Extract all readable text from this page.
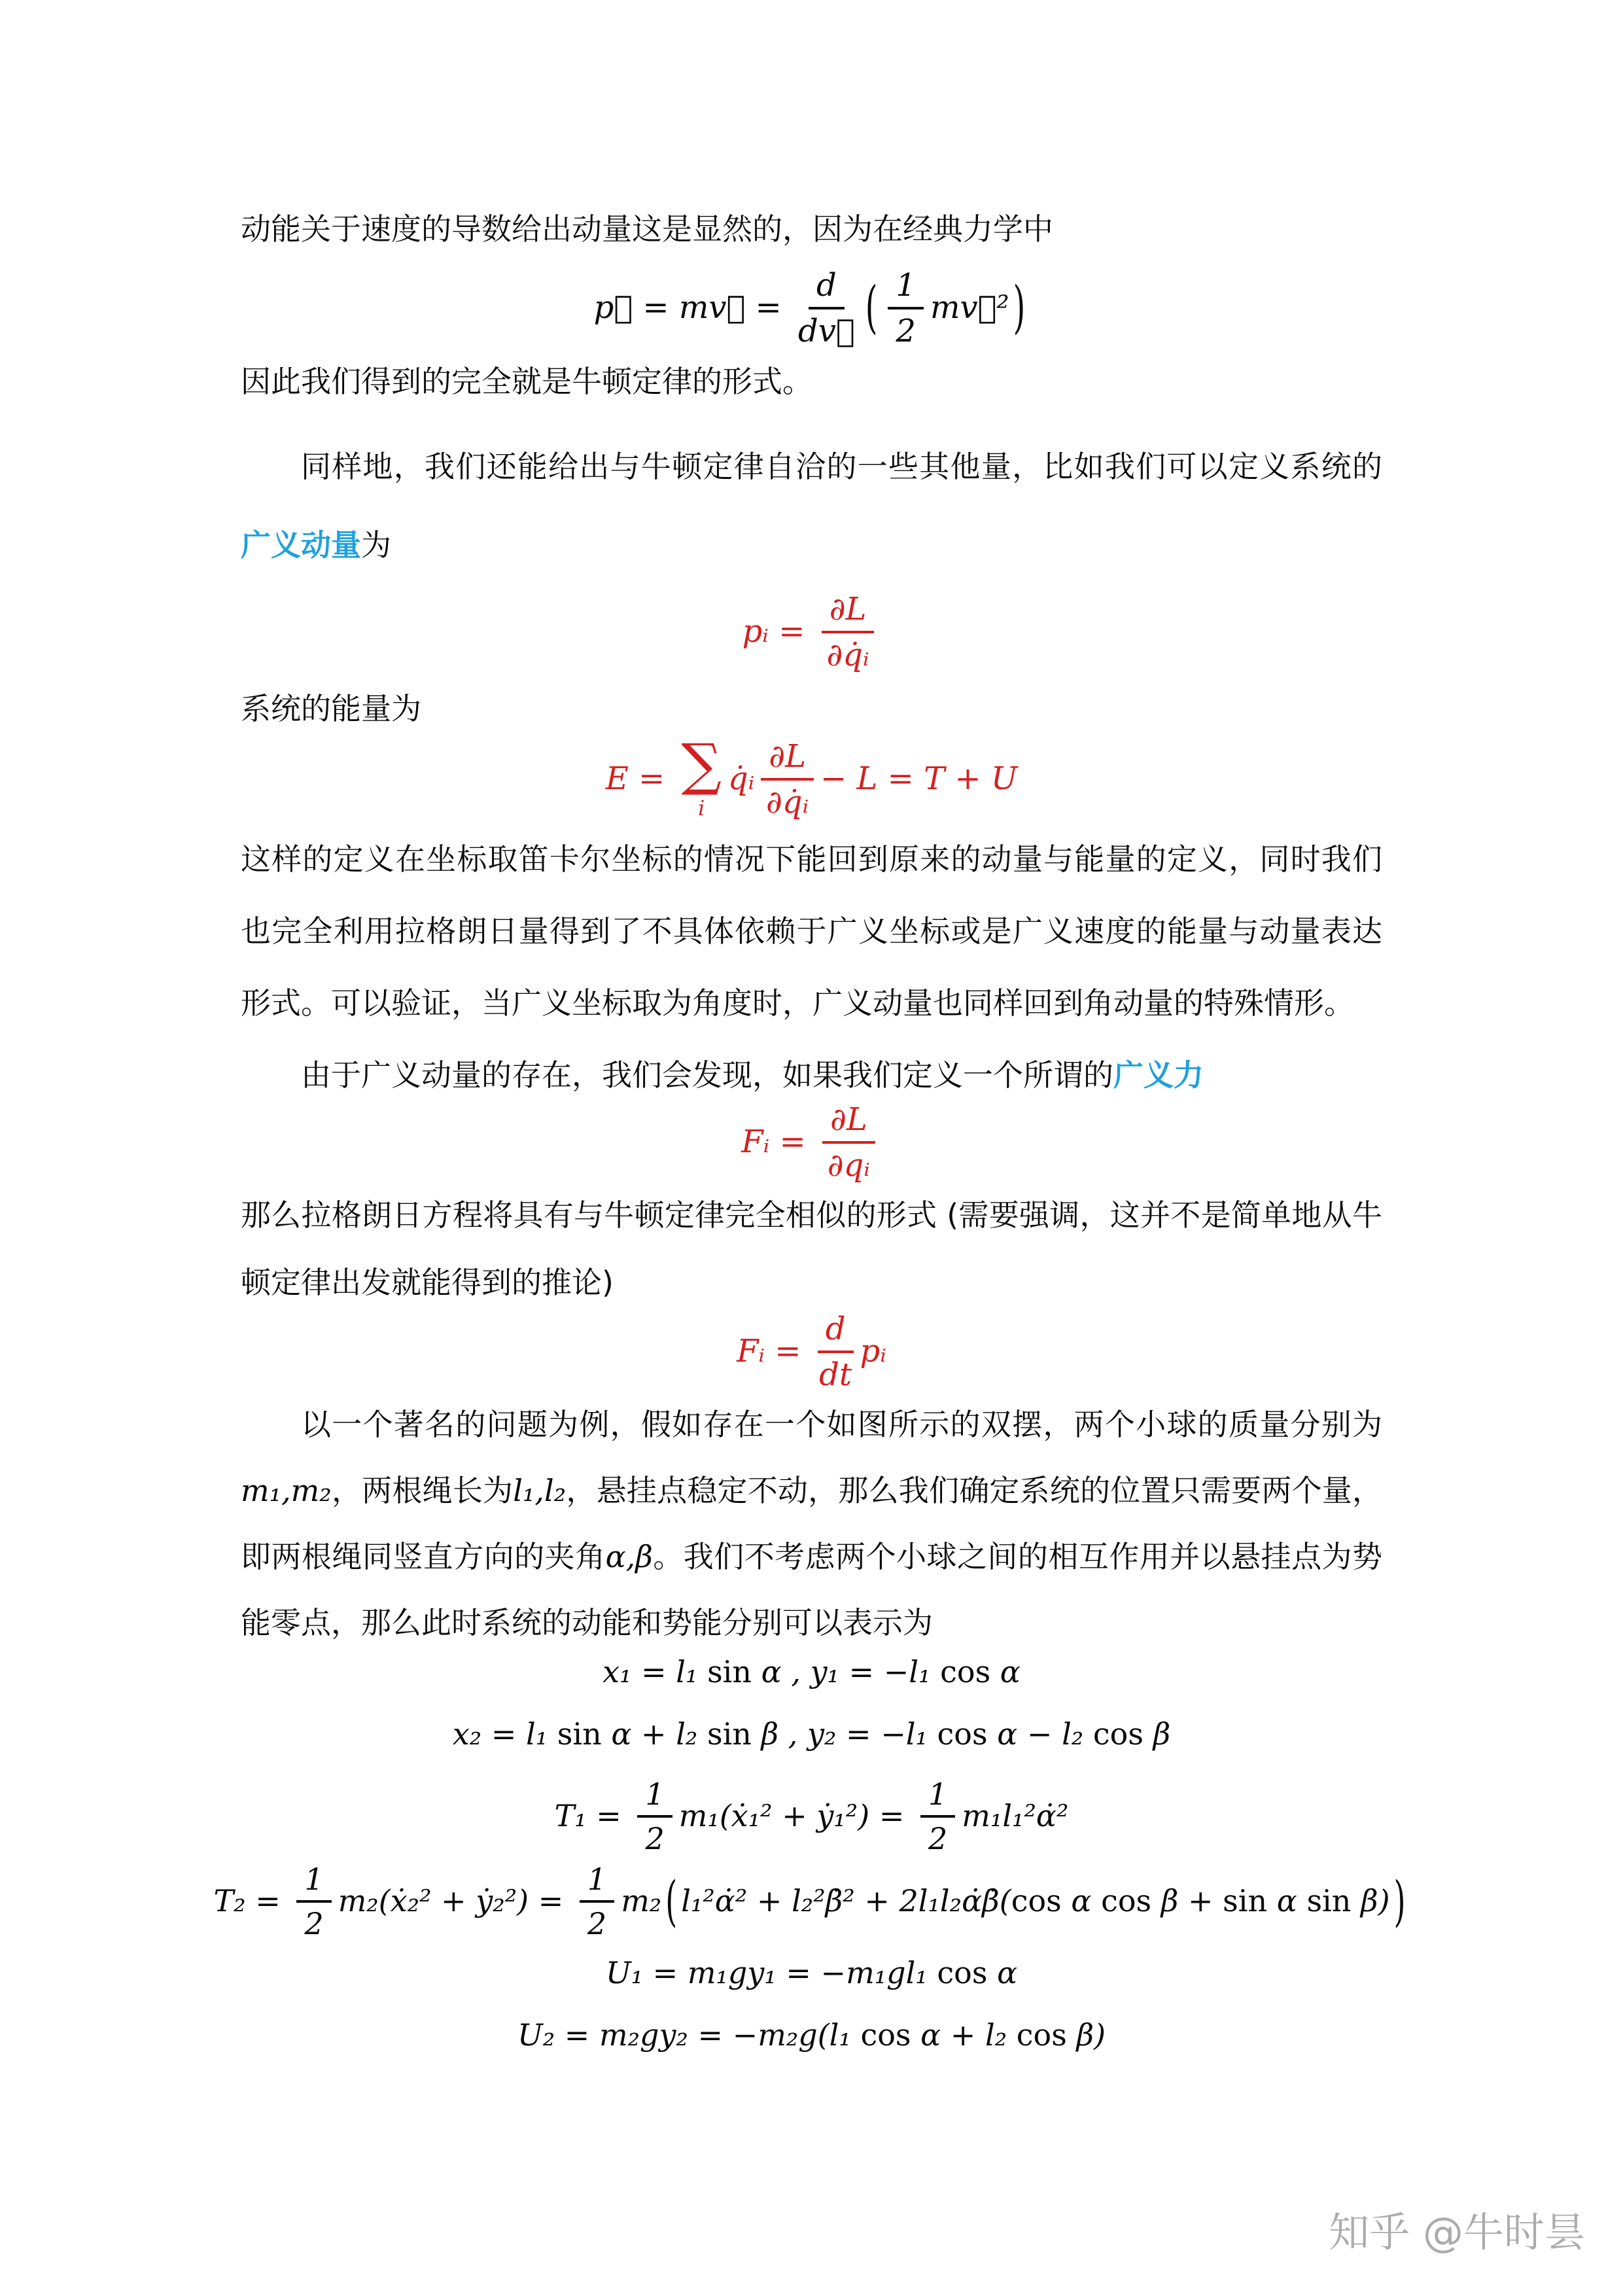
动能关于速度的导数给出动量这是显然的，因为在经典力学中

p⃗ = mv⃗ = $\frac{d}{dv⃗}$ ( $\frac{1}{2}$ mv⃗² )

因此我们得到的完全就是牛顿定律的形式。

同样地，我们还能给出与牛顿定律自洽的一些其他量，比如我们可以定义系统的广义动量为

pᵢ = $\frac{\partial L}{\text{∂q̇ᵢ}}$

系统的能量为

E = ∑
i
q̇ᵢ $\frac{\partial L}{\text{∂q̇ᵢ}} - L = T + U$

这样的定义在坐标取笛卡尔坐标的情况下能回到原来的动量与能量的定义，同时我们也完全利用拉格朗日量得到了不具体依赖于广义坐标或是广义速度的能量与动量表达形式。可以验证，当广义坐标取为角度时，广义动量也同样回到角动量的特殊情形。

由于广义动量的存在，我们会发现，如果我们定义一个所谓的广义力

Fᵢ = $\frac{\partial L}{\text{∂qᵢ}}$

那么拉格朗日方程将具有与牛顿定律完全相似的形式 (需要强调，这并不是简单地从牛顿定律出发就能得到的推论)

Fᵢ = $\frac{d}{dt}$ pᵢ

以一个著名的问题为例，假如存在一个如图所示的双摆，两个小球的质量分别为m₁,m₂，两根绳长为l₁,l₂，悬挂点稳定不动，那么我们确定系统的位置只需要两个量，即两根绳同竖直方向的夹角α,β。我们不考虑两个小球之间的相互作用并以悬挂点为势能零点，那么此时系统的动能和势能分别可以表示为

x₁ = l₁ sin α , y₁ = −l₁ cos α
x₂ = l₁ sin α + l₂ sin β , y₂ = −l₁ cos α − l₂ cos β
$T_1 = \frac{1}{2}$ m₁(ẋ₁² + ẏ₁²) = $\frac{1}{2}$ m₁l₁²α̇²
$T_2 = \frac{1}{2}$ m₂(ẋ₂² + ẏ₂²) = $\frac{1}{2} m_2$ ( l₁²α̇² + l₂²β̇² + 2l₁l₂α̇β̇( cos α cos β + sin α sin β) )
U₁ = m₁gy₁ = −m₁gl₁ cos α
U₂ = m₂gy₂ = −m₂g(l₁ cos α + l₂ cos β)
知乎 @牛时昙
